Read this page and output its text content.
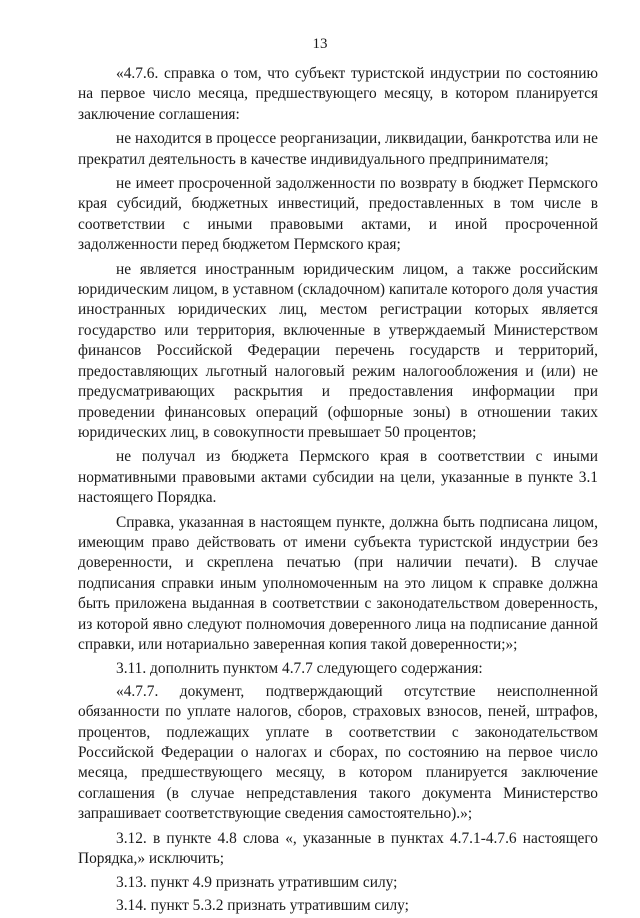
13

«4.7.6. справка о том, что субъект туристской индустрии по состоянию на первое число месяца, предшествующего месяцу, в котором планируется заключение соглашения:

не находится в процессе реорганизации, ликвидации, банкротства или не прекратил деятельность в качестве индивидуального предпринимателя;

не имеет просроченной задолженности по возврату в бюджет Пермского края субсидий, бюджетных инвестиций, предоставленных в том числе в соответствии с иными правовыми актами, и иной просроченной задолженности перед бюджетом Пермского края;

не является иностранным юридическим лицом, а также российским юридическим лицом, в уставном (складочном) капитале которого доля участия иностранных юридических лиц, местом регистрации которых является государство или территория, включенные в утверждаемый Министерством финансов Российской Федерации перечень государств и территорий, предоставляющих льготный налоговый режим налогообложения и (или) не предусматривающих раскрытия и предоставления информации при проведении финансовых операций (офшорные зоны) в отношении таких юридических лиц, в совокупности превышает 50 процентов;

не получал из бюджета Пермского края в соответствии с иными нормативными правовыми актами субсидии на цели, указанные в пункте 3.1 настоящего Порядка.

Справка, указанная в настоящем пункте, должна быть подписана лицом, имеющим право действовать от имени субъекта туристской индустрии без доверенности, и скреплена печатью (при наличии печати). В случае подписания справки иным уполномоченным на это лицом к справке должна быть приложена выданная в соответствии с законодательством доверенность, из которой явно следуют полномочия доверенного лица на подписание данной справки, или нотариально заверенная копия такой доверенности;»;

3.11. дополнить пунктом 4.7.7 следующего содержания:

«4.7.7. документ, подтверждающий отсутствие неисполненной обязанности по уплате налогов, сборов, страховых взносов, пеней, штрафов, процентов, подлежащих уплате в соответствии с законодательством Российской Федерации о налогах и сборах, по состоянию на первое число месяца, предшествующего месяцу, в котором планируется заключение соглашения (в случае непредставления такого документа Министерство запрашивает соответствующие сведения самостоятельно).»;

3.12. в пункте 4.8 слова «, указанные в пунктах 4.7.1-4.7.6 настоящего Порядка,» исключить;

3.13. пункт 4.9 признать утратившим силу;

3.14. пункт 5.3.2 признать утратившим силу;
